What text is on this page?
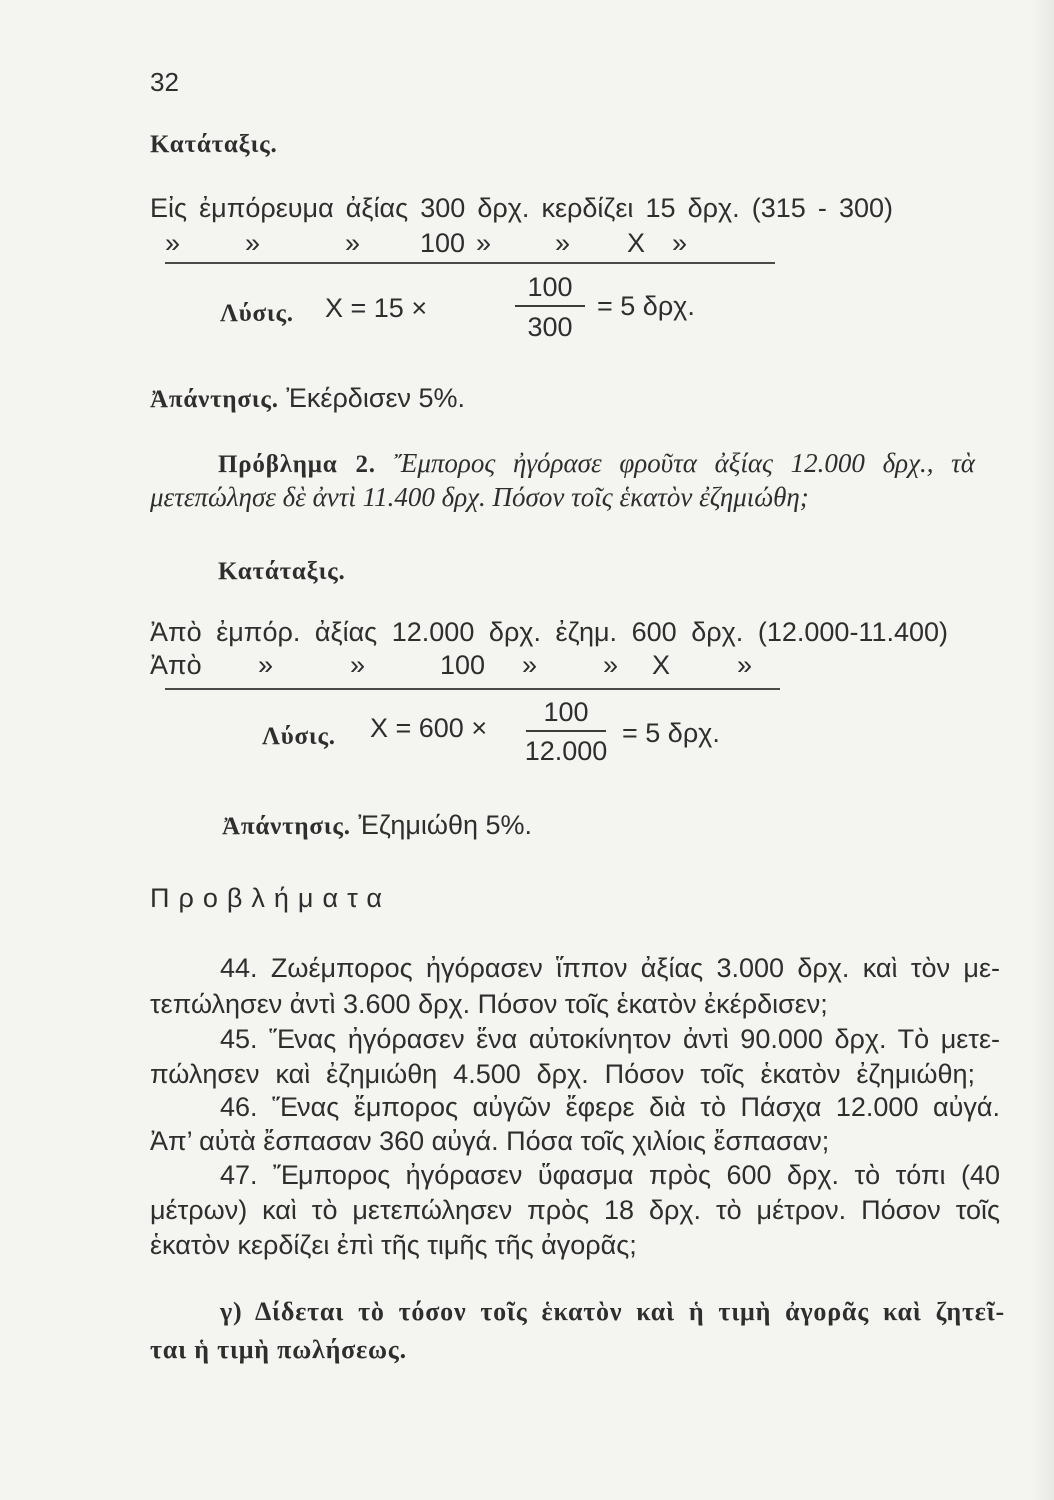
32
Κατάταξις.
Εἰς ἐμπόρευμα ἀξίας 300 δρχ. κερδίζει 15 δρχ. (315 - 300)
» »	» 100 » » Χ »
Λύσις. Χ = 15 ×
100
300
= 5 δρχ.
Ἀπάντησις. Ἐκέρδισεν 5%.
Πρόβλημα 2. Ἔμπορος ἠγόρασε φροῦτα ἀξίας 12.000 δρχ., τὰ
μετεπώλησε δὲ ἀντὶ 11.400 δρχ. Πόσον τοῖς ἑκατὸν ἐζημιώθη;
Κατάταξις.
Ἀπὸ ἐμπόρ. ἀξίας 12.000 δρχ. ἐζημ. 600 δρχ. (12.000-11.400)
Ἀπὸ »	»	100 » » Χ »
Λύσις. Χ = 600 ×
100
12.000
= 5 δρχ.
Ἀπάντησις. Ἐζημιώθη 5%.
Προβλήματα
44. Ζωέμπορος ἠγόρασεν ἵππον ἀξίας 3.000 δρχ. καὶ τὸν με-
τεπώλησεν ἀντὶ 3.600 δρχ. Πόσον τοῖς ἑκατὸν ἐκέρδισεν;
45. Ἕνας ἠγόρασεν ἕνα αὐτοκίνητον ἀντὶ 90.000 δρχ. Τὸ μετε-
πώλησεν καὶ ἐζημιώθη 4.500 δρχ. Πόσον τοῖς ἑκατὸν ἐζημιώθη;
46. Ἕνας ἔμπορος αὐγῶν ἔφερε διὰ τὸ Πάσχα 12.000 αὐγά.
Ἀπ’ αὐτὰ ἔσπασαν 360 αὐγά. Πόσα τοῖς χιλίοις ἔσπασαν;
47. Ἔμπορος ἠγόρασεν ὕφασμα πρὸς 600 δρχ. τὸ τόπι (40
μέτρων) καὶ τὸ μετεπώλησεν πρὸς 18 δρχ. τὸ μέτρον. Πόσον τοῖς
ἑκατὸν κερδίζει ἐπὶ τῆς τιμῆς τῆς ἀγορᾶς;
γ) Δίδεται τὸ τόσον τοῖς ἑκατὸν καὶ ἡ τιμὴ ἀγορᾶς καὶ ζητεῖ-
ται ἡ τιμὴ πωλήσεως.
